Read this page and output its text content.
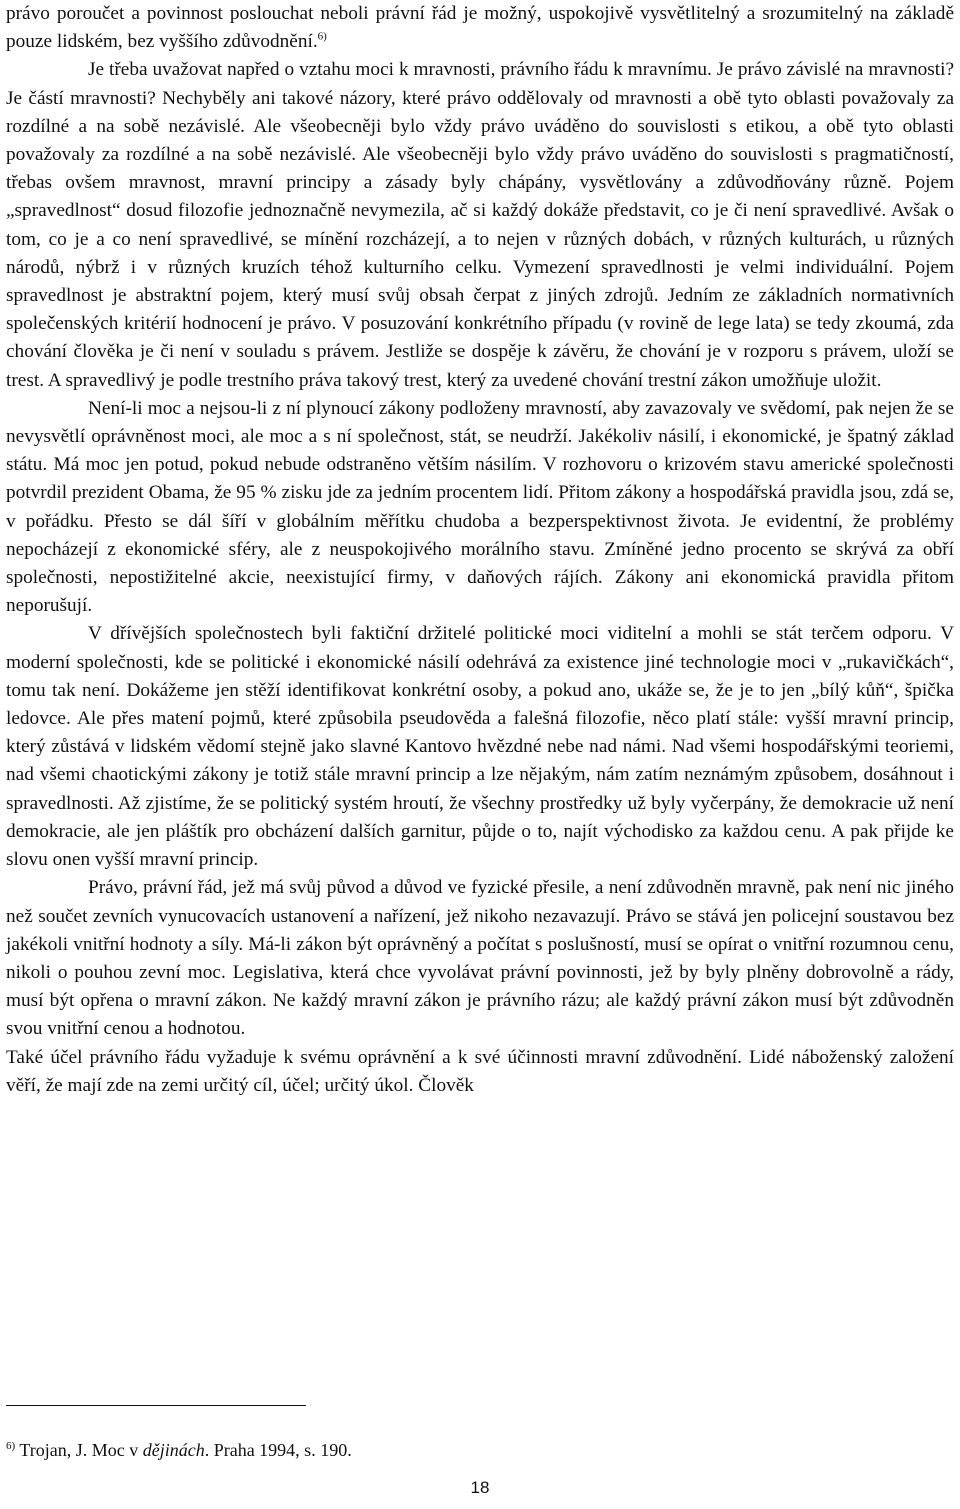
právo poroučet a povinnost poslouchat neboli právní řád je možný, uspokojivě vysvětlitelný a srozumitelný na základě pouze lidském, bez vyššího zdůvodnění.$^{6)}$

Je třeba uvažovat napřed o vztahu moci k mravnosti, právního řádu k mravnímu. Je právo závislé na mravnosti? Je částí mravnosti? Nechyběly ani takové názory, které právo oddělovaly od mravnosti a obě tyto oblasti považovaly za rozdílné a na sobě nezávislé. Ale všeobecněji bylo vždy právo uváděno do souvislosti s etikou, a obě tyto oblasti považovaly za rozdílné a na sobě nezávislé. Ale všeobecněji bylo vždy právo uváděno do souvislosti s pragmatičností, třebas ovšem mravnost, mravní principy a zásady byly chápány, vysvětlovány a zdůvodňovány různě. Pojem „spravedlnost“ dosud filozofie jednoznačně nevymezila, ač si každý dokáže představit, co je či není spravedlivé. Avšak o tom, co je a co není spravedlivé, se mínění rozcházejí, a to nejen v různých dobách, v různých kulturách, u různých národů, nýbrž i v různých kruzích téhož kulturního celku. Vymezení spravedlnosti je velmi individuální. Pojem spravedlnost je abstraktní pojem, který musí svůj obsah čerpat z jiných zdrojů. Jedním ze základních normativních společenských kritérií hodnocení je právo. V posuzování konkrétního případu (v rovině de lege lata) se tedy zkoumá, zda chování člověka je či není v souladu s právem. Jestliže se dospěje k závěru, že chování je v rozporu s právem, uloží se trest. A spravedlivý je podle trestního práva takový trest, který za uvedené chování trestní zákon umožňuje uložit.

Není-li moc a nejsou-li z ní plynoucí zákony podloženy mravností, aby zavazovaly ve svědomí, pak nejen že se nevysvětlí oprávněnost moci, ale moc a s ní společnost, stát, se neudrží. Jakékoliv násilí, i ekonomické, je špatný základ státu. Má moc jen potud, pokud nebude odstraněno větším násilím. V rozhovoru o krizovém stavu americké společnosti potvrdil prezident Obama, že 95 % zisku jde za jedním procentem lidí. Přitom zákony a hospodářská pravidla jsou, zdá se, v pořádku. Přesto se dál šíří v globálním měřítku chudoba a bezperspektivnost života. Je evidentní, že problémy nepocházejí z ekonomické sféry, ale z neuspokojivého morálního stavu. Zmíněné jedno procento se skrývá za obří společnosti, nepostižitelné akcie, neexistující firmy, v daňových rájích. Zákony ani ekonomická pravidla přitom neporušují.

V dřívějších společnostech byli faktiční držitelé politické moci viditelní a mohli se stát terčem odporu. V moderní společnosti, kde se politické i ekonomické násilí odehrává za existence jiné technologie moci v „rukavičkách“, tomu tak není. Dokážeme jen stěží identifikovat konkrétní osoby, a pokud ano, ukáže se, že je to jen „bílý kůň“, špička ledovce. Ale přes matení pojmů, které způsobila pseudověda a falešná filozofie, něco platí stále: vyšší mravní princip, který zůstává v lidském vědomí stejně jako slavné Kantovo hvězdné nebe nad námi. Nad všemi hospodářskými teoriemi, nad všemi chaotickými zákony je totiž stále mravní princip a lze nějakým, nám zatím neznámým způsobem, dosáhnout i spravedlnosti. Až zjistíme, že se politický systém hroutí, že všechny prostředky už byly vyčerpány, že demokracie už není demokracie, ale jen pláštík pro obcházení dalších garnitur, půjde o to, najít východisko za každou cenu. A pak přijde ke slovu onen vyšší mravní princip.

Právo, právní řád, jež má svůj původ a důvod ve fyzické přesile, a není zdůvodněn mravně, pak není nic jiného než součet zevních vynucovacích ustanovení a nařízení, jež nikoho nezavazují. Právo se stává jen policejní soustavou bez jakékoli vnitřní hodnoty a síly. Má-li zákon být oprávněný a počítat s poslušností, musí se opírat o vnitřní rozumnou cenu, nikoli o pouhou zevní moc. Legislativa, která chce vyvolávat právní povinnosti, jež by byly plněny dobrovolně a rády, musí být opřena o mravní zákon. Ne každý mravní zákon je právního rázu; ale každý právní zákon musí být zdůvodněn svou vnitřní cenou a hodnotou.

Také účel právního řádu vyžaduje k svému oprávnění a k své účinnosti mravní zdůvodnění. Lidé náboženský založení věří, že mají zde na zemi určitý cíl, účel; určitý úkol. Člověk

$^{6)}$ Trojan, J. Moc v dějinách. Praha 1994, s. 190.

18
